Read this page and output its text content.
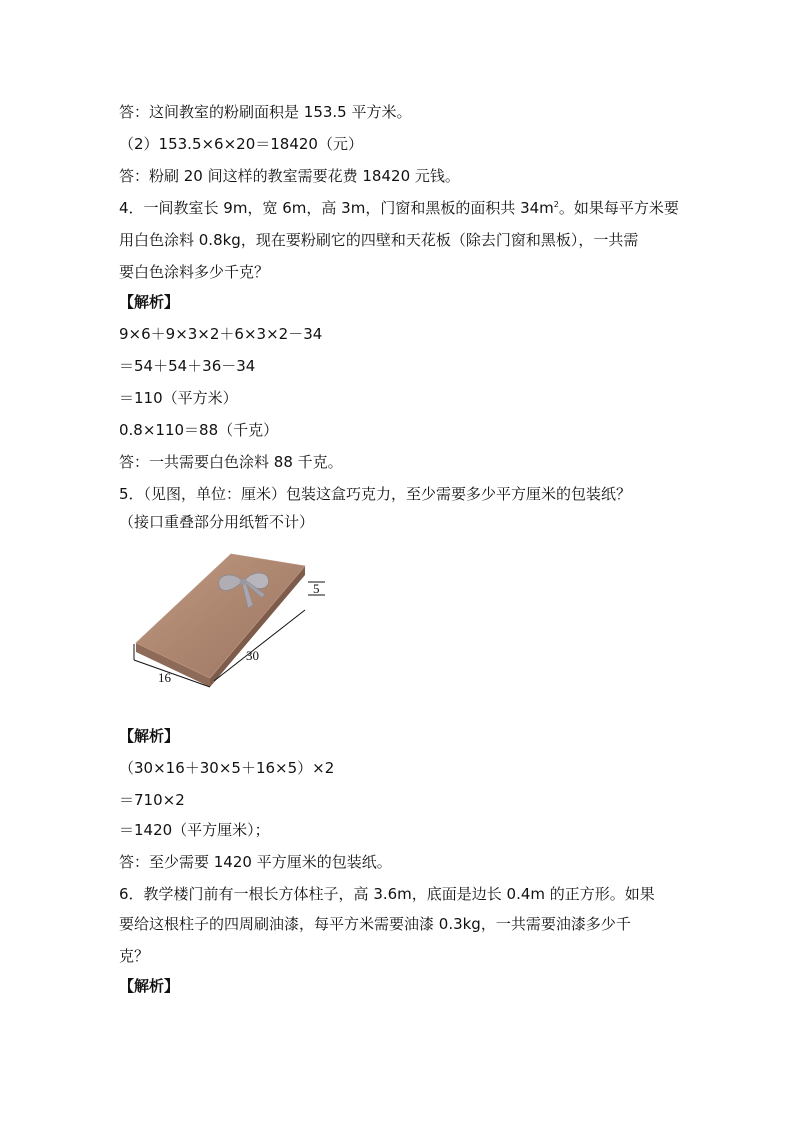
答：这间教室的粉刷面积是 153.5 平方米。
（2）153.5×6×20＝18420（元）
答：粉刷 20 间这样的教室需要花费 18420 元钱。
4．一间教室长 9m，宽 6m，高 3m，门窗和黑板的面积共 $34m^2$。如果每平方米要
用白色涂料 0.8kg，现在要粉刷它的四壁和天花板（除去门窗和黑板），一共需
要白色涂料多少千克？
【解析】
9×6＋9×3×2＋6×3×2－34
＝54＋54＋36－34
＝110（平方米）
0.8×110＝88（千克）
答：一共需要白色涂料 88 千克。
5．（见图，单位：厘米）包装这盒巧克力，至少需要多少平方厘米的包装纸？
（接口重叠部分用纸暂不计）
5
30
16
【解析】
（30×16＋30×5＋16×5）×2
＝710×2
＝1420（平方厘米）；
答：至少需要 1420 平方厘米的包装纸。
6．教学楼门前有一根长方体柱子，高 3.6m，底面是边长 0.4m 的正方形。如果
要给这根柱子的四周刷油漆，每平方米需要油漆 0.3kg，一共需要油漆多少千
克？
【解析】
